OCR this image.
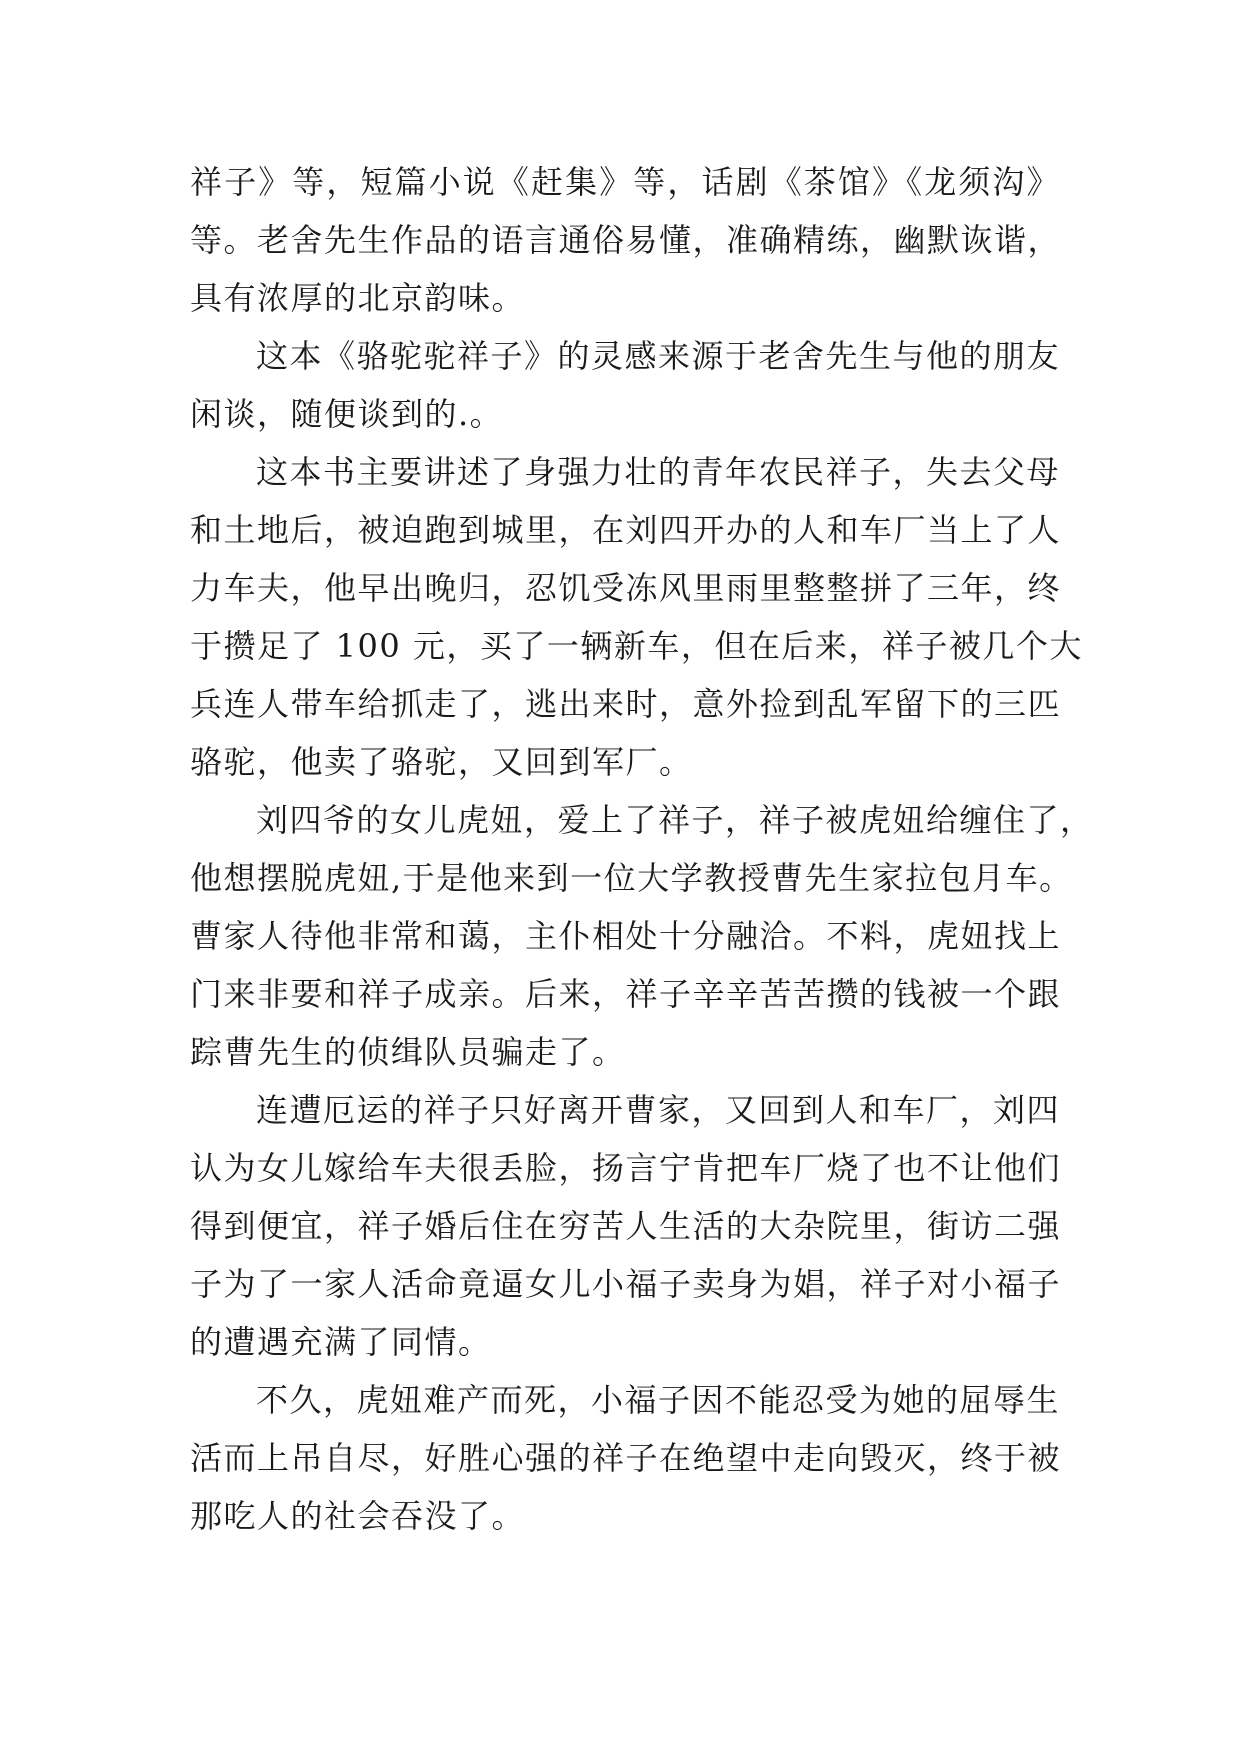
祥子》等，短篇小说《赶集》等，话剧《茶馆》《龙须沟》
等。老舍先生作品的语言通俗易懂，准确精练，幽默诙谐，
具有浓厚的北京韵味。
这本《骆驼驼祥子》的灵感来源于老舍先生与他的朋友
闲谈，随便谈到的.。
这本书主要讲述了身强力壮的青年农民祥子，失去父母
和土地后，被迫跑到城里，在刘四开办的人和车厂当上了人
力车夫，他早出晚归，忍饥受冻风里雨里整整拼了三年，终
于攒足了 100 元，买了一辆新车，但在后来，祥子被几个大
兵连人带车给抓走了，逃出来时，意外捡到乱军留下的三匹
骆驼，他卖了骆驼，又回到军厂。
刘四爷的女儿虎妞，爱上了祥子，祥子被虎妞给缠住了，
他想摆脱虎妞,于是他来到一位大学教授曹先生家拉包月车。
曹家人待他非常和蔼，主仆相处十分融洽。不料，虎妞找上
门来非要和祥子成亲。后来，祥子辛辛苦苦攒的钱被一个跟
踪曹先生的侦缉队员骗走了。
连遭厄运的祥子只好离开曹家，又回到人和车厂，刘四
认为女儿嫁给车夫很丢脸，扬言宁肯把车厂烧了也不让他们
得到便宜，祥子婚后住在穷苦人生活的大杂院里，街访二强
子为了一家人活命竟逼女儿小福子卖身为娼，祥子对小福子
的遭遇充满了同情。
不久，虎妞难产而死，小福子因不能忍受为她的屈辱生
活而上吊自尽，好胜心强的祥子在绝望中走向毁灭，终于被
那吃人的社会吞没了。
